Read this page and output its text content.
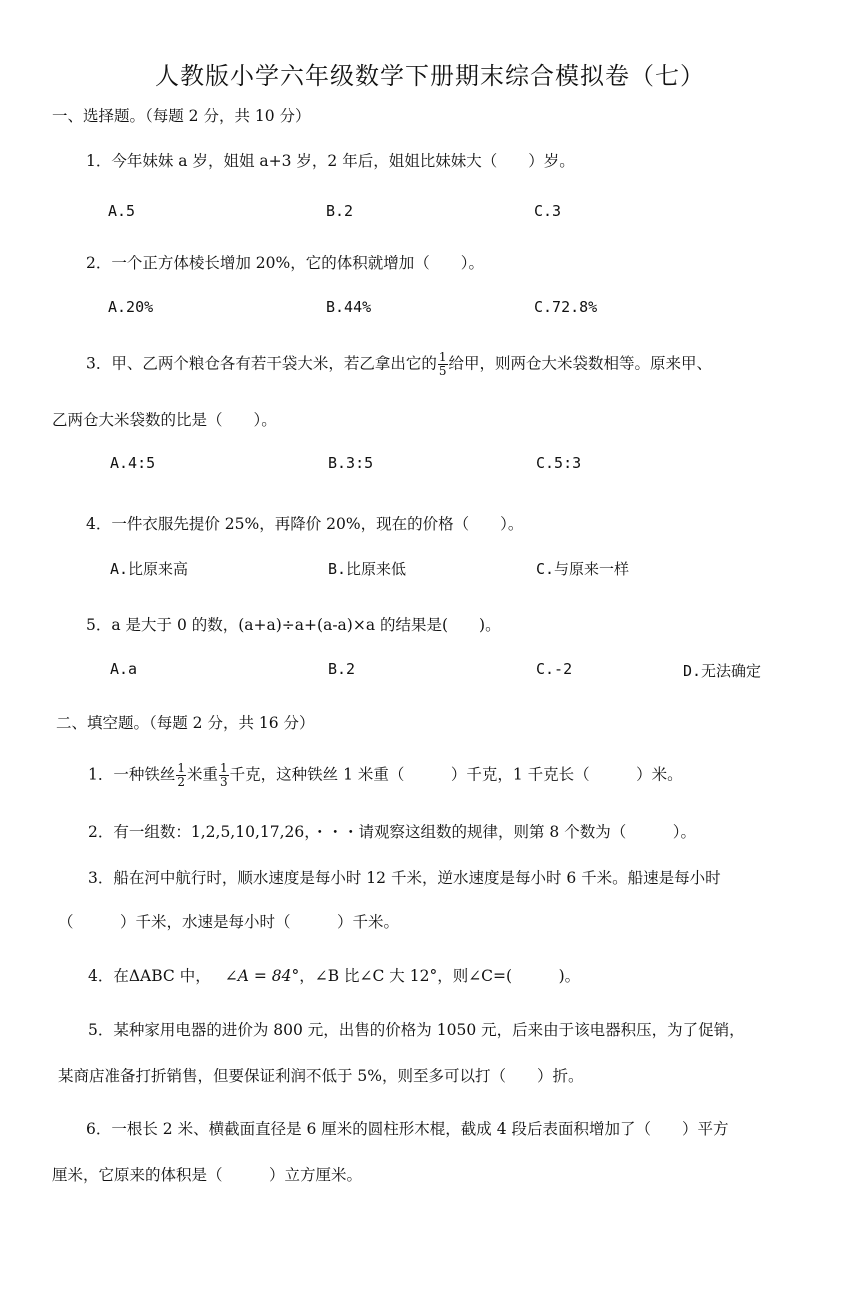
人教版小学六年级数学下册期末综合模拟卷（七）
一、选择题。（每题 2 分，共 10 分）
1．今年妹妹 a 岁，姐姐 a+3 岁，2 年后，姐姐比妹妹大（　　）岁。
A.5	B.2	C.3
2．一个正方体棱长增加 20%，它的体积就增加（　　）。
A.20%	B.44%	C.72.8%
3．甲、乙两个粮仓各有若干袋大米，若乙拿出它的 $\frac{1}{5}$ 给甲，则两仓大米袋数相等。原来甲、
乙两仓大米袋数的比是（　　）。
A.4:5	B.3:5	C.5:3
4．一件衣服先提价 25%，再降价 20%，现在的价格（　　）。
A.比原来高	B.比原来低	C.与原来一样
5．a 是大于 0 的数，(a+a)÷a+(a-a)×a 的结果是(　　)。
A.a	B.2	C.-2	D.无法确定
二、填空题。（每题 2 分，共 16 分）
1．一种铁丝 $\frac{1}{2}$ 米重 $\frac{1}{3}$ 千克，这种铁丝 1 米重（　　　）千克，1 千克长（　　　）米。
2．有一组数：1,2,5,10,17,26，・・・请观察这组数的规律，则第 8 个数为（　　　）。
3．船在河中航行时，顺水速度是每小时 12 千米，逆水速度是每小时 6 千米。船速是每小时
（　　　）千米，水速是每小时（　　　）千米。
4．在ΔABC 中， ∠A = 84°，∠B 比∠C 大 12°，则∠C=(　　　)。
5．某种家用电器的进价为 800 元，出售的价格为 1050 元，后来由于该电器积压，为了促销，
某商店准备打折销售，但要保证利润不低于 5%，则至多可以打（　　）折。
6．一根长 2 米、横截面直径是 6 厘米的圆柱形木棍，截成 4 段后表面积增加了（　　）平方
厘米，它原来的体积是（　　　）立方厘米。
